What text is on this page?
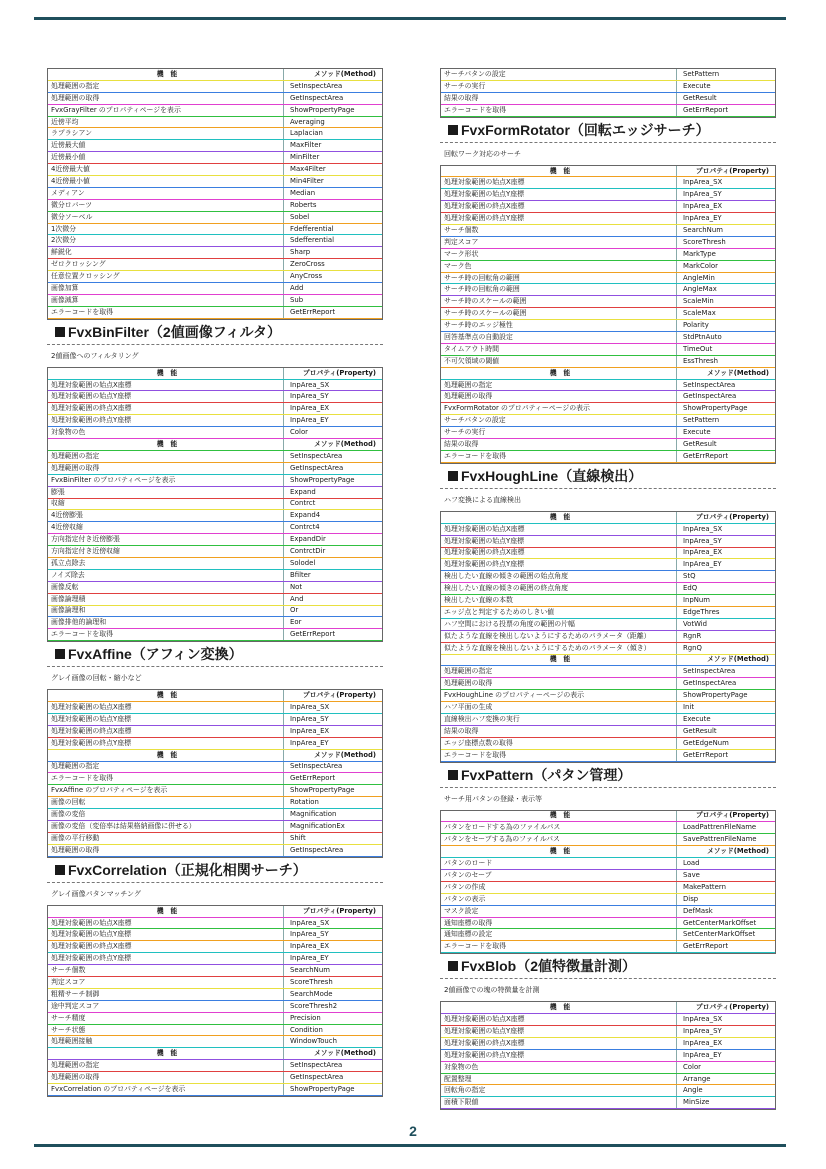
機　能	メソッド(Method)
処理範囲の指定	SetInspectArea
処理範囲の取得	GetInspectArea
FvxGrayFilter のプロパティページを表示	ShowPropertyPage
近傍平均	Averaging
ラプラシアン	Laplacian
近傍最大値	MaxFilter
近傍最小値	MinFilter
4近傍最大値	Max4Filter
4近傍最小値	Min4Filter
メディアン	Median
微分ロバーツ	Roberts
微分ソーベル	Sobel
1次微分	Fdefferential
2次微分	Sdefferential
鮮鋭化	Sharp
ゼロクロッシング	ZeroCross
任意位置クロッシング	AnyCross
画像加算	Add
画像減算	Sub
エラーコードを取得	GetErrReport
FvxBinFilter（2値画像フィルタ）
2値画像へのフィルタリング
機　能	プロパティ(Property)
処理対象範囲の始点X座標	InpArea_SX
処理対象範囲の始点Y座標	InpArea_SY
処理対象範囲の終点X座標	InpArea_EX
処理対象範囲の終点Y座標	InpArea_EY
対象物の色	Color
機　能	メソッド(Method)
処理範囲の指定	SetInspectArea
処理範囲の取得	GetInspectArea
FvxBinFilter のプロパティページを表示	ShowPropertyPage
膨張	Expand
収縮	Contrct
4近傍膨張	Expand4
4近傍収縮	Contrct4
方向指定付き近傍膨張	ExpandDir
方向指定付き近傍収縮	ContrctDir
孤立点除去	Solodel
ノイズ除去	Bfilter
画像反転	Not
画像論理積	And
画像論理和	Or
画像排他的論理和	Eor
エラーコードを取得	GetErrReport
FvxAffine（アフィン変換）
グレイ画像の回転・縮小など
機　能	プロパティ(Property)
処理対象範囲の始点X座標	InpArea_SX
処理対象範囲の始点Y座標	InpArea_SY
処理対象範囲の終点X座標	InpArea_EX
処理対象範囲の終点Y座標	InpArea_EY
機　能	メソッド(Method)
処理範囲の指定	SetInspectArea
エラーコードを取得	GetErrReport
FvxAffine のプロパティページを表示	ShowPropertyPage
画像の回転	Rotation
画像の変倍	Magnification
画像の変倍（変倍率は結果格納画像に併せる）	MagnificationEx
画像の平行移動	Shift
処理範囲の取得	GetInspectArea
FvxCorrelation（正規化相関サーチ）
グレイ画像パタンマッチング
機　能	プロパティ(Property)
処理対象範囲の始点X座標	InpArea_SX
処理対象範囲の始点Y座標	InpArea_SY
処理対象範囲の終点X座標	InpArea_EX
処理対象範囲の終点Y座標	InpArea_EY
サーチ個数	SearchNum
判定スコア	ScoreThresh
粗精サーチ制御	SearchMode
途中判定スコア	ScoreThresh2
サーチ精度	Precision
サーチ状態	Condition
処理範囲接触	WindowTouch
機　能	メソッド(Method)
処理範囲の指定	SetInspectArea
処理範囲の取得	GetInspectArea
FvxCorrelation のプロパティページを表示	ShowPropertyPage
サーチパタンの設定	SetPattern
サーチの実行	Execute
結果の取得	GetResult
エラーコードを取得	GetErrReport
FvxFormRotator（回転エッジサーチ）
回転ワーク対応のサーチ
機　能	プロパティ(Property)
処理対象範囲の始点X座標	InpArea_SX
処理対象範囲の始点Y座標	InpArea_SY
処理対象範囲の終点X座標	InpArea_EX
処理対象範囲の終点Y座標	InpArea_EY
サーチ個数	SearchNum
判定スコア	ScoreThresh
マーク形状	MarkType
マーク色	MarkColor
サーチ時の回転角の範囲	AngleMin
サーチ時の回転角の範囲	AngleMax
サーチ時のスケールの範囲	ScaleMin
サーチ時のスケールの範囲	ScaleMax
サーチ時のエッジ極性	Polarity
回答基準点の自動設定	StdPtnAuto
タイムアウト時間	TimeOut
不可欠領域の閾値	EssThresh
機　能	メソッド(Method)
処理範囲の指定	SetInspectArea
処理範囲の取得	GetInspectArea
FvxFormRotator のプロパティーページの表示	ShowPropertyPage
サーチパタンの設定	SetPattern
サーチの実行	Execute
結果の取得	GetResult
エラーコードを取得	GetErrReport
FvxHoughLine（直線検出）
ハフ変換による直線検出
機　能	プロパティ(Property)
処理対象範囲の始点X座標	InpArea_SX
処理対象範囲の始点Y座標	InpArea_SY
処理対象範囲の終点X座標	InpArea_EX
処理対象範囲の終点Y座標	InpArea_EY
検出したい直線の傾きの範囲の始点角度	StQ
検出したい直線の傾きの範囲の終点角度	EdQ
検出したい直線の本数	InpNum
エッジ点と判定するためのしきい値	EdgeThres
ハフ空間における投票の角度の範囲の片幅	VotWid
似たような直線を検出しないようにするためのパラメータ（距離）	RgnR
似たような直線を検出しないようにするためのパラメータ（傾き）	RgnQ
機　能	メソッド(Method)
処理範囲の指定	SetInspectArea
処理範囲の取得	GetInspectArea
FvxHoughLine のプロパティーページの表示	ShowPropertyPage
ハフ平面の生成	Init
直線検出ハフ変換の実行	Execute
結果の取得	GetResult
エッジ座標点数の取得	GetEdgeNum
エラーコードを取得	GetErrReport
FvxPattern（パタン管理）
サーチ用パタンの登録・表示等
機　能	プロパティ(Property)
パタンをロードする為のファイルパス	LoadPattrenFileName
パタンをセーブする為のファイルパス	SavePattrenFileName
機　能	メソッド(Method)
パタンのロード	Load
パタンのセーブ	Save
パタンの作成	MakePattern
パタンの表示	Disp
マスク設定	DefMask
通知座標の取得	GetCenterMarkOffset
通知座標の設定	SetCenterMarkOffset
エラーコードを取得	GetErrReport
FvxBlob（2値特徴量計測）
2値画像での塊の特徴量を計測
機　能	プロパティ(Property)
処理対象範囲の始点X座標	InpArea_SX
処理対象範囲の始点Y座標	InpArea_SY
処理対象範囲の終点X座標	InpArea_EX
処理対象範囲の終点Y座標	InpArea_EY
対象物の色	Color
配置整理	Arrange
回転角の指定	Angle
面積下限値	MinSize
2
